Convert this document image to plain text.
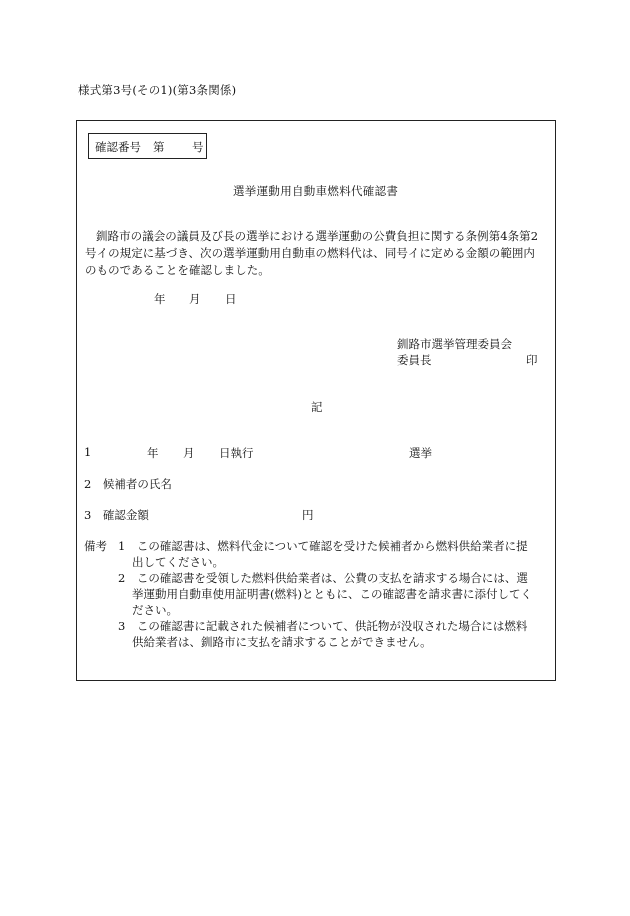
様式第3号(その1)(第3条関係)
確認番号 第 号
選挙運動用自動車燃料代確認書
釧路市の議会の議員及び長の選挙における選挙運動の公費負担に関する条例第4条第2
号イの規定に基づき、次の選挙運動用自動車の燃料代は、同号イに定める金額の範囲内
のものであることを確認しました。
年 月 日
釧路市選挙管理委員会
委員長	印
記
1	年 月 日執行	選挙
2　候補者の氏名
3　確認金額	円
備考 1　この確認書は、燃料代金について確認を受けた候補者から燃料供給業者に提
出してください。
2　この確認書を受領した燃料供給業者は、公費の支払を請求する場合には、選
挙運動用自動車使用証明書(燃料)とともに、この確認書を請求書に添付してく
ださい。
3　この確認書に記載された候補者について、供託物が没収された場合には燃料
供給業者は、釧路市に支払を請求することができません。
